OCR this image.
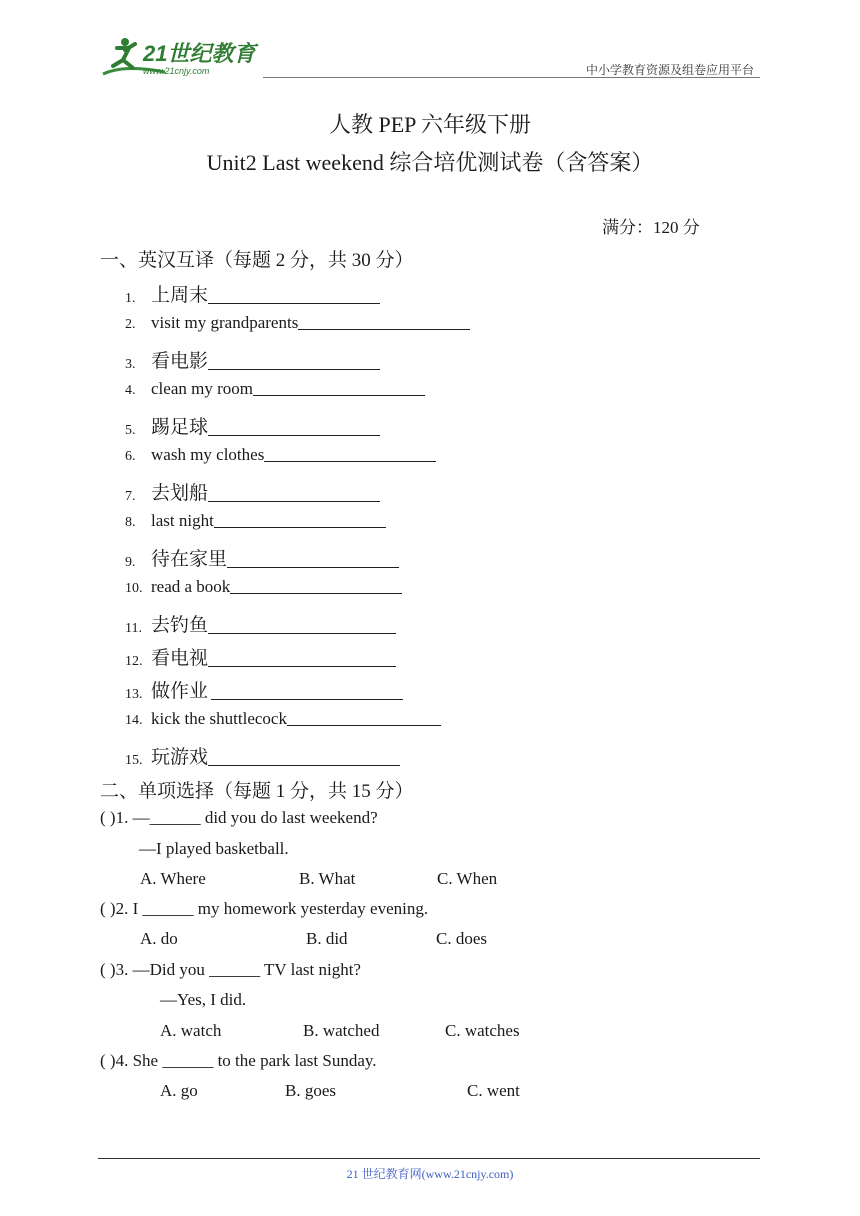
21世纪教育
www.21cnjy.com	中小学教育资源及组卷应用平台
人教 PEP 六年级下册
Unit2 Last weekend 综合培优测试卷（含答案）
满分：120 分
一、英汉互译（每题 2 分，共 30 分）
1. 上周末
2. visit my grandparents
3. 看电影
4. clean my room
5. 踢足球
6. wash my clothes
7. 去划船
8. last night
9. 待在家里
10. read a book
11. 去钓鱼
12. 看电视
13. 做作业
14. kick the shuttlecock
15. 玩游戏
二、单项选择（每题 1 分，共 15 分）
( )1. —______ did you do last weekend?
—I played basketball.
A. Where	B. What	C. When
( )2. I ______ my homework yesterday evening.
A. do	B. did	C. does
( )3. —Did you ______ TV last night?
—Yes, I did.
A. watch	B. watched	C. watches
( )4. She ______ to the park last Sunday.
A. go	B. goes	C. went
21 世纪教育网(www.21cnjy.com)
